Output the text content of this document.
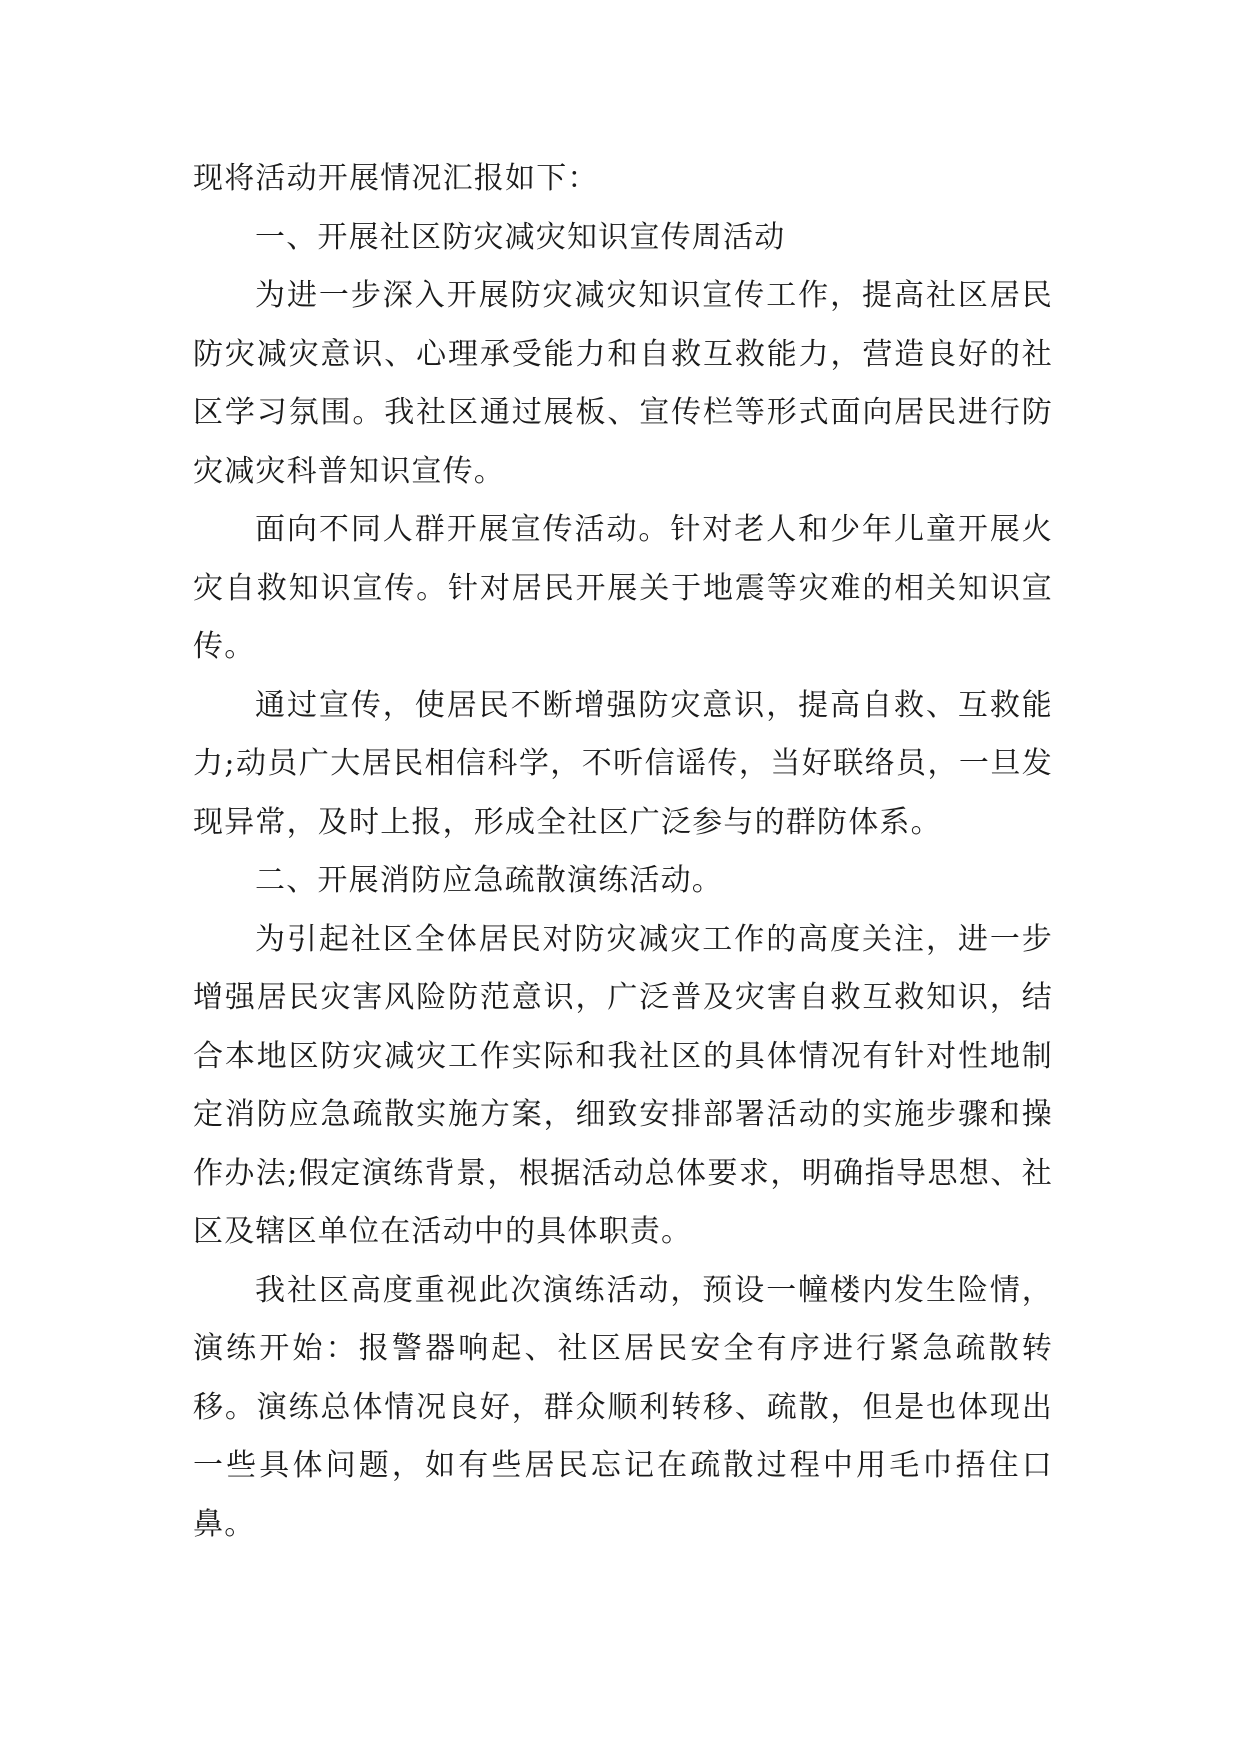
现将活动开展情况汇报如下：

一、开展社区防灾减灾知识宣传周活动

为进一步深入开展防灾减灾知识宣传工作，提高社区居民防灾减灾意识、心理承受能力和自救互救能力，营造良好的社区学习氛围。我社区通过展板、宣传栏等形式面向居民进行防灾减灾科普知识宣传。

面向不同人群开展宣传活动。针对老人和少年儿童开展火灾自救知识宣传。针对居民开展关于地震等灾难的相关知识宣传。

通过宣传，使居民不断增强防灾意识，提高自救、互救能力;动员广大居民相信科学，不听信谣传，当好联络员，一旦发现异常，及时上报，形成全社区广泛参与的群防体系。

二、开展消防应急疏散演练活动。

为引起社区全体居民对防灾减灾工作的高度关注，进一步增强居民灾害风险防范意识，广泛普及灾害自救互救知识，结合本地区防灾减灾工作实际和我社区的具体情况有针对性地制定消防应急疏散实施方案，细致安排部署活动的实施步骤和操作办法;假定演练背景，根据活动总体要求，明确指导思想、社区及辖区单位在活动中的具体职责。

我社区高度重视此次演练活动，预设一幢楼内发生险情，演练开始：报警器响起、社区居民安全有序进行紧急疏散转移。演练总体情况良好，群众顺利转移、疏散，但是也体现出一些具体问题，如有些居民忘记在疏散过程中用毛巾捂住口鼻。
